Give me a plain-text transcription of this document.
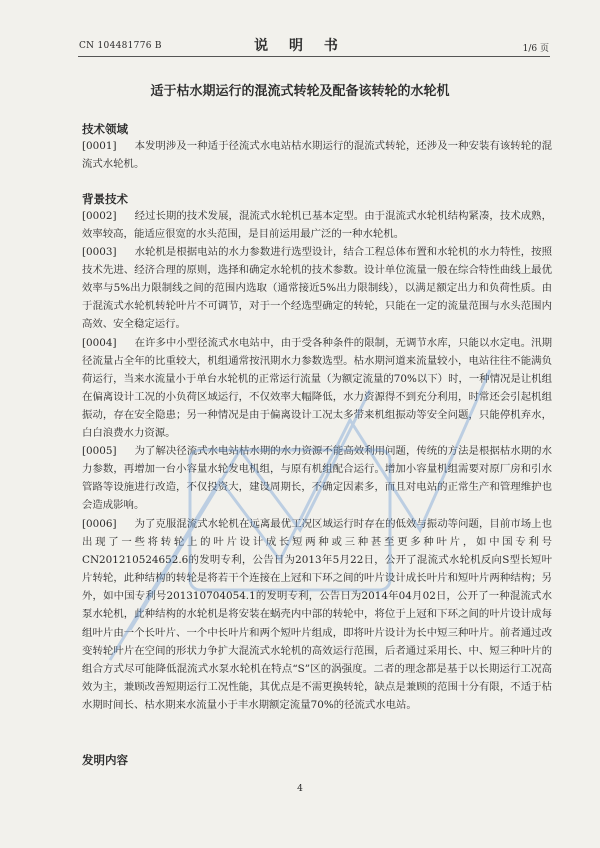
CN 104481776 B	说 明 书	1/6 页
适于枯水期运行的混流式转轮及配备该转轮的水轮机
技术领域
[0001] 本发明涉及一种适于径流式水电站枯水期运行的混流式转轮，还涉及一种安装有该转轮的混流式水轮机。
背景技术
[0002] 经过长期的技术发展，混流式水轮机已基本定型。由于混流式水轮机结构紧凑，技术成熟，效率较高，能适应很宽的水头范围，是目前运用最广泛的一种水轮机。
[0003] 水轮机是根据电站的水力参数进行选型设计，结合工程总体布置和水轮机的水力特性，按照技术先进、经济合理的原则，选择和确定水轮机的技术参数。设计单位流量一般在综合特性曲线上最优效率与5%出力限制线之间的范围内选取（通常接近5%出力限制线），以满足额定出力和负荷性质。由于混流式水轮机转轮叶片不可调节，对于一个经选型确定的转轮，只能在一定的流量范围与水头范围内高效、安全稳定运行。
[0004] 在许多中小型径流式水电站中，由于受各种条件的限制，无调节水库，只能以水定电。汛期径流量占全年的比重较大，机组通常按汛期水力参数选型。枯水期河道来流量较小，电站往往不能满负荷运行，当来水流量小于单台水轮机的正常运行流量（为额定流量的70%以下）时，一种情况是让机组在偏离设计工况的小负荷区域运行，不仅效率大幅降低，水力资源得不到充分利用，时常还会引起机组振动，存在安全隐患；另一种情况是由于偏离设计工况太多带来机组振动等安全问题，只能停机弃水，白白浪费水力资源。
[0005] 为了解决径流式水电站枯水期的水力资源不能高效利用问题，传统的方法是根据枯水期的水力参数，再增加一台小容量水轮发电机组，与原有机组配合运行。增加小容量机组需要对原厂房和引水管路等设施进行改造，不仅投资大，建设周期长，不确定因素多，而且对电站的正常生产和管理维护也会造成影响。
[0006] 为了克服混流式水轮机在远离最优工况区域运行时存在的低效与振动等问题，目前市场上也出现了一些将转轮上的叶片设计成长短两种或三种甚至更多种叶片，如中国专利号CN201210524652.6的发明专利，公告日为2013年5月22日，公开了混流式水轮机反向S型长短叶片转轮，此种结构的转轮是将若干个连接在上冠和下环之间的叶片设计成长叶片和短叶片两种结构；另外，如中国专利号201310704054.1的发明专利，公告日为2014年04月02日，公开了一种混流式水泵水轮机，此种结构的水轮机是将安装在蜗壳内中部的转轮中，将位于上冠和下环之间的叶片设计成每组叶片由一个长叶片、一个中长叶片和两个短叶片组成，即将叶片设计为长中短三种叶片。前者通过改变转轮叶片在空间的形状力争扩大混流式水轮机的高效运行范围，后者通过采用长、中、短三种叶片的组合方式尽可能降低混流式水泵水轮机在特点“S”区的涡强度。二者的理念都是基于以长期运行工况高效为主，兼顾改善短期运行工况性能，其优点是不需更换转轮，缺点是兼顾的范围十分有限，不适于枯水期时间长、枯水期来水流量小于丰水期额定流量70%的径流式水电站。
发明内容
4
